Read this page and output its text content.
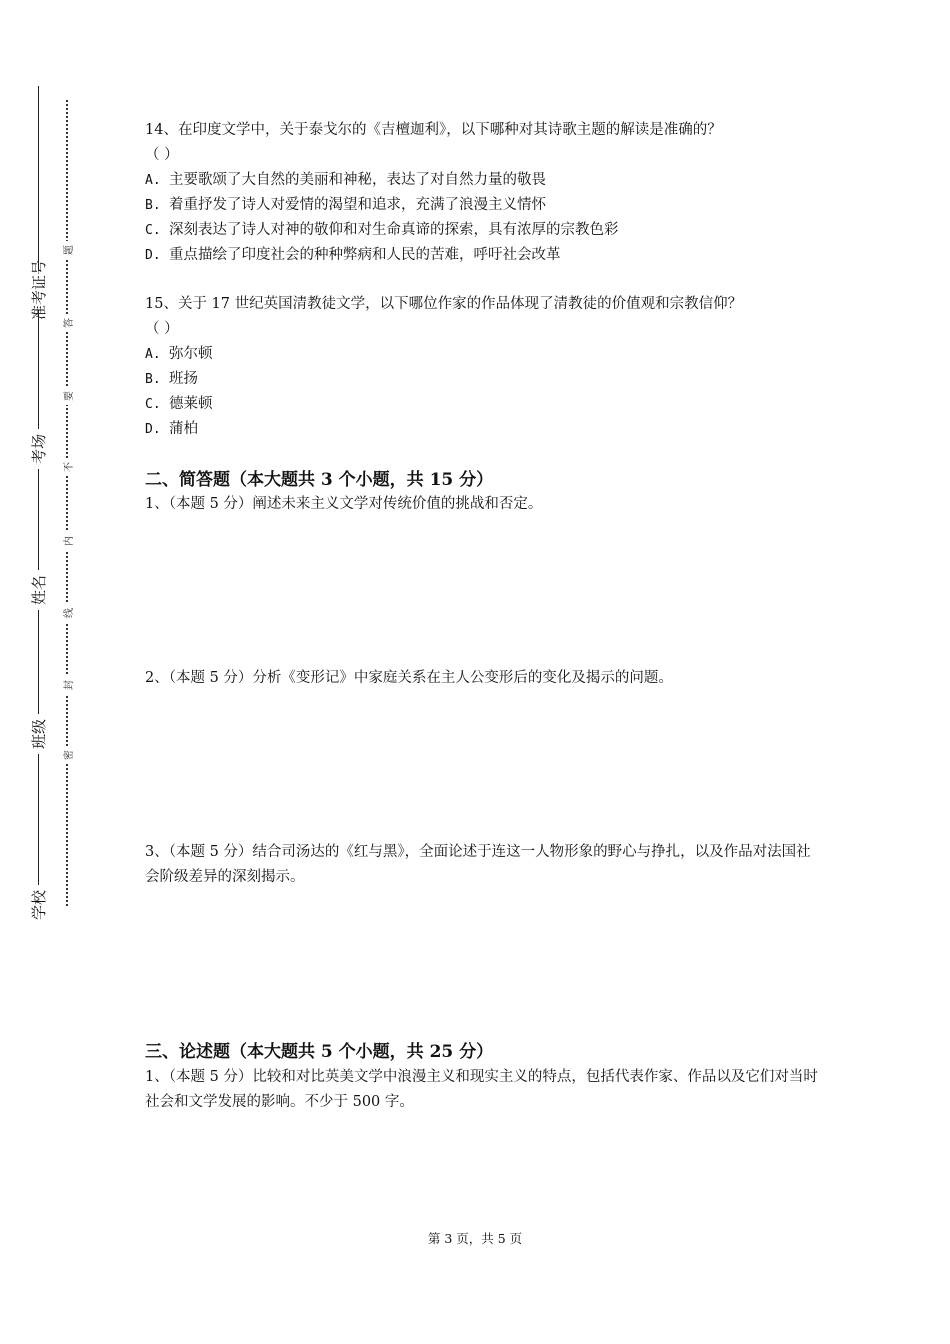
准考证号
考场
姓名
班级
学校
题
答
要
不
内
线
封
密

14、在印度文学中，关于泰戈尔的《吉檀迦利》，以下哪种对其诗歌主题的解读是准确的？

（ ）

A. 主要歌颂了大自然的美丽和神秘，表达了对自然力量的敬畏

B. 着重抒发了诗人对爱情的渴望和追求，充满了浪漫主义情怀

C. 深刻表达了诗人对神的敬仰和对生命真谛的探索，具有浓厚的宗教色彩

D. 重点描绘了印度社会的种种弊病和人民的苦难，呼吁社会改革

15、关于 17 世纪英国清教徒文学，以下哪位作家的作品体现了清教徒的价值观和宗教信仰？

（ ）

A. 弥尔顿

B. 班扬

C. 德莱顿

D. 蒲柏

二、简答题（本大题共 3 个小题，共 15 分）

1、（本题 5 分）阐述未来主义文学对传统价值的挑战和否定。

2、（本题 5 分）分析《变形记》中家庭关系在主人公变形后的变化及揭示的问题。

3、（本题 5 分）结合司汤达的《红与黑》，全面论述于连这一人物形象的野心与挣扎，以及作品对法国社会阶级差异的深刻揭示。

三、论述题（本大题共 5 个小题，共 25 分）

1、（本题 5 分）比较和对比英美文学中浪漫主义和现实主义的特点，包括代表作家、作品以及它们对当时社会和文学发展的影响。不少于 500 字。

第 3 页，共 5 页
